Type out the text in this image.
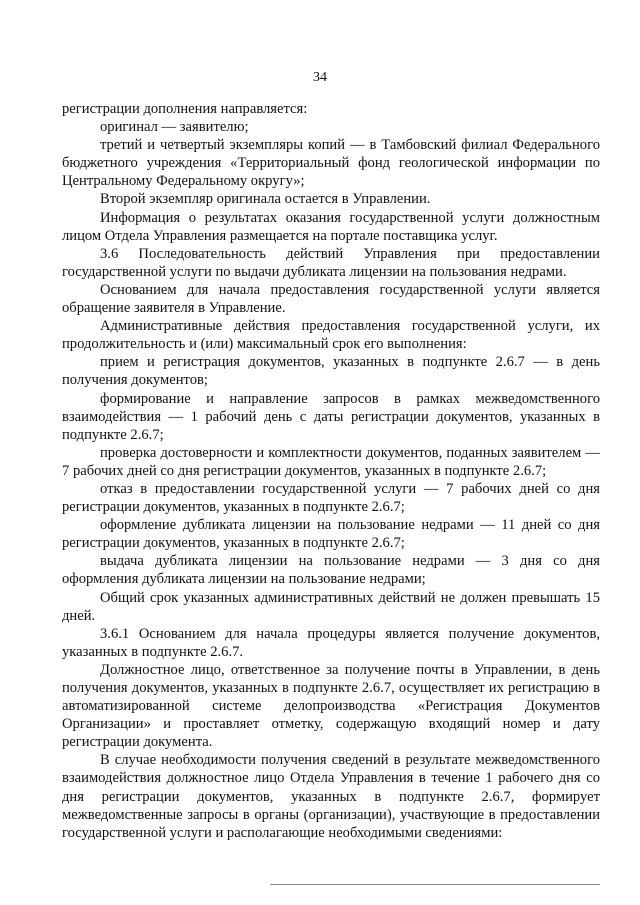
34

регистрации дополнения направляется:

оригинал — заявителю;

третий и четвертый экземпляры копий — в Тамбовский филиал Федерального бюджетного учреждения «Территориальный фонд геологической информации по Центральному Федеральному округу»;

Второй экземпляр оригинала остается в Управлении.

Информация о результатах оказания государственной услуги должностным лицом Отдела Управления размещается на портале поставщика услуг.

3.6 Последовательность действий Управления при предоставлении государственной услуги по выдачи дубликата лицензии на пользования недрами.

Основанием для начала предоставления государственной услуги является обращение заявителя в Управление.

Административные действия предоставления государственной услуги, их продолжительность и (или) максимальный срок его выполнения:

прием и регистрация документов, указанных в подпункте 2.6.7 — в день получения документов;

формирование и направление запросов в рамках межведомственного взаимодействия — 1 рабочий день с даты регистрации документов, указанных в подпункте 2.6.7;

проверка достоверности и комплектности документов, поданных заявителем — 7 рабочих дней со дня регистрации документов, указанных в подпункте 2.6.7;

отказ в предоставлении государственной услуги — 7 рабочих дней со дня регистрации документов, указанных в подпункте 2.6.7;

оформление дубликата лицензии на пользование недрами — 11 дней со дня регистрации документов, указанных в подпункте 2.6.7;

выдача дубликата лицензии на пользование недрами — 3 дня со дня оформления дубликата лицензии на пользование недрами;

Общий срок указанных административных действий не должен превышать 15 дней.

3.6.1 Основанием для начала процедуры является получение документов, указанных в подпункте 2.6.7.

Должностное лицо, ответственное за получение почты в Управлении, в день получения документов, указанных в подпункте 2.6.7, осуществляет их регистрацию в автоматизированной системе делопроизводства «Регистрация Документов Организации» и проставляет отметку, содержащую входящий номер и дату регистрации документа.

В случае необходимости получения сведений в результате межведомственного взаимодействия должностное лицо Отдела Управления в течение 1 рабочего дня со дня регистрации документов, указанных в подпункте 2.6.7, формирует межведомственные запросы в органы (организации), участвующие в предоставлении государственной услуги и располагающие необходимыми сведениями:
